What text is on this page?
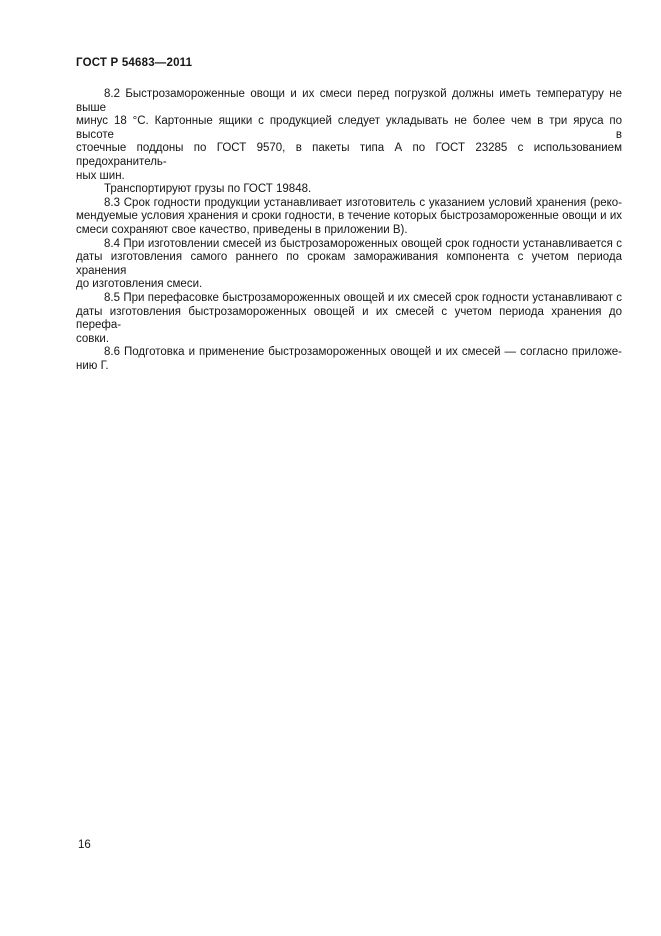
ГОСТ Р 54683—2011

8.2 Быстрозамороженные овощи и их смеси перед погрузкой должны иметь температуру не выше
минус 18 °С. Картонные ящики с продукцией следует укладывать не более чем в три яруса по высоте в
стоечные поддоны по ГОСТ 9570, в пакеты типа А по ГОСТ 23285 с использованием предохранитель-
ных шин.

Транспортируют грузы по ГОСТ 19848.

8.3 Срок годности продукции устанавливает изготовитель с указанием условий хранения (реко-
мендуемые условия хранения и сроки годности, в течение которых быстрозамороженные овощи и их
смеси сохраняют свое качество, приведены в приложении В).

8.4 При изготовлении смесей из быстрозамороженных овощей срок годности устанавливается с
даты изготовления самого раннего по срокам замораживания компонента с учетом периода хранения
до изготовления смеси.

8.5 При перефасовке быстрозамороженных овощей и их смесей срок годности устанавливают с
даты изготовления быстрозамороженных овощей и их смесей с учетом периода хранения до перефа-
совки.

8.6 Подготовка и применение быстрозамороженных овощей и их смесей — согласно приложе-
нию Г.

16
